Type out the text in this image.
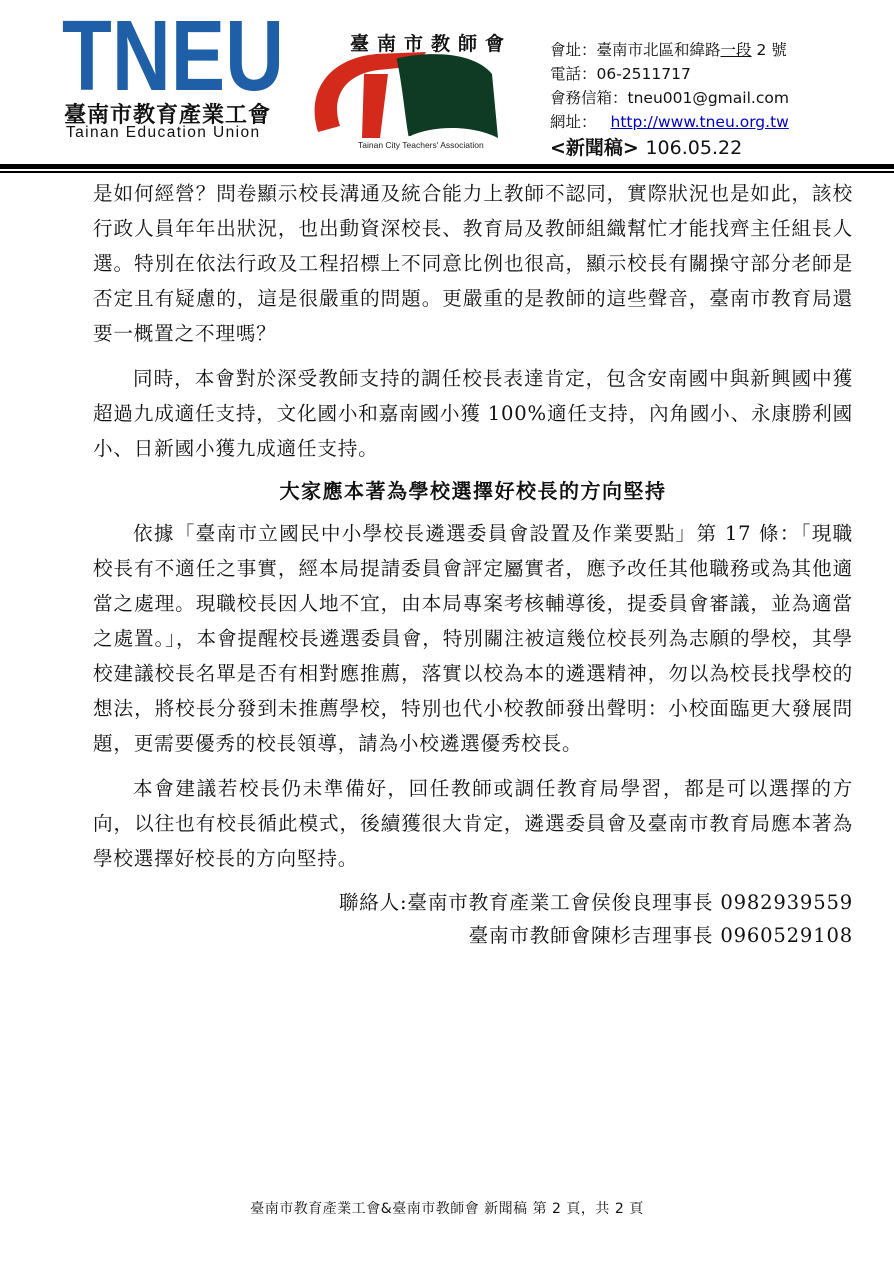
TNEU
臺南市教育產業工會
Tainan Education Union
臺南市教師會
Tainan City Teachers' Association
會址：臺南市北區和緯路一段 2 號
電話：06-2511717
會務信箱：tneu001@gmail.com
網址： http://www.tneu.org.tw
<新聞稿> 106.05.22

是如何經營？問卷顯示校長溝通及統合能力上教師不認同，實際狀況也是如此，該校行政人員年年出狀況，也出動資深校長、教育局及教師組織幫忙才能找齊主任組長人選。特別在依法行政及工程招標上不同意比例也很高，顯示校長有關操守部分老師是否定且有疑慮的，這是很嚴重的問題。更嚴重的是教師的這些聲音，臺南市教育局還要一概置之不理嗎？

同時，本會對於深受教師支持的調任校長表達肯定，包含安南國中與新興國中獲超過九成適任支持，文化國小和嘉南國小獲 100%適任支持，內角國小、永康勝利國小、日新國小獲九成適任支持。

大家應本著為學校選擇好校長的方向堅持

依據「臺南市立國民中小學校長遴選委員會設置及作業要點」第 17 條：「現職校長有不適任之事實，經本局提請委員會評定屬實者，應予改任其他職務或為其他適當之處理。現職校長因人地不宜，由本局專案考核輔導後，提委員會審議，並為適當之處置。」，本會提醒校長遴選委員會，特別關注被這幾位校長列為志願的學校，其學校建議校長名單是否有相對應推薦，落實以校為本的遴選精神，勿以為校長找學校的想法，將校長分發到未推薦學校，特別也代小校教師發出聲明：小校面臨更大發展問題，更需要優秀的校長領導，請為小校遴選優秀校長。

本會建議若校長仍未準備好，回任教師或調任教育局學習，都是可以選擇的方向，以往也有校長循此模式，後續獲很大肯定，遴選委員會及臺南市教育局應本著為學校選擇好校長的方向堅持。

聯絡人:臺南市教育產業工會侯俊良理事長 0982939559
臺南市教師會陳杉吉理事長 0960529108
臺南市教育產業工會&臺南市教師會 新聞稿 第 2 頁，共 2 頁
